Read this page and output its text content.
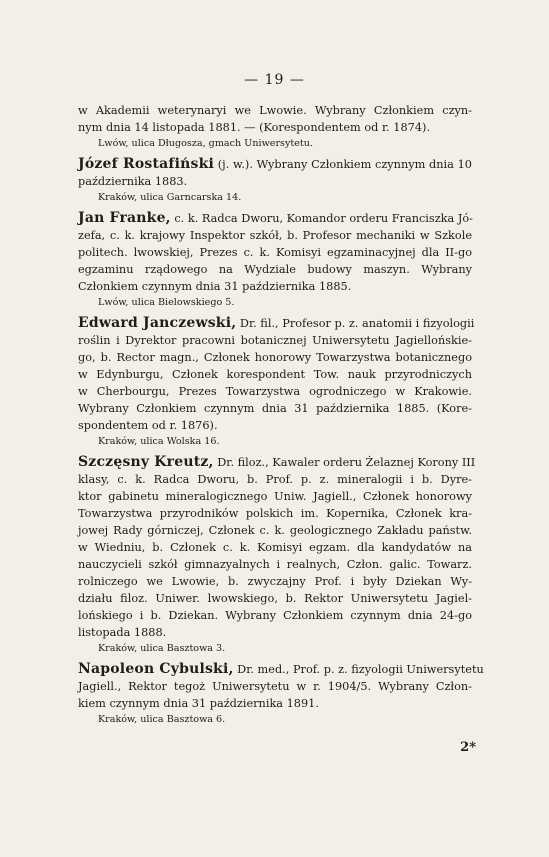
— 19 —
w Akademii weterynaryi we Lwowie. Wybrany Członkiem czyn-
nym dnia 14 listopada 1881. — (Korespondentem od r. 1874).
Lwów, ulica Długosza, gmach Uniwersytetu.
Józef Rostafiński (j. w.). Wybrany Członkiem czynnym dnia 10
października 1883.
Kraków, ulica Garncarska 14.
Jan Franke, c. k. Radca Dworu, Komandor orderu Franciszka Jó-
zefa, c. k. krajowy Inspektor szkół, b. Profesor mechaniki w Szkole
politech. lwowskiej, Prezes c. k. Komisyi egzaminacyjnej dla II-go
egzaminu rządowego na Wydziale budowy maszyn. Wybrany
Członkiem czynnym dnia 31 października 1885.
Lwów, ulica Bielowskiego 5.
Edward Janczewski, Dr. fil., Profesor p. z. anatomii i fizyologii
roślin i Dyrektor pracowni botanicznej Uniwersytetu Jagiellońskie-
go, b. Rector magn., Członek honorowy Towarzystwa botanicznego
w Edynburgu, Członek korespondent Tow. nauk przyrodniczych
w Cherbourgu, Prezes Towarzystwa ogrodniczego w Krakowie.
Wybrany Członkiem czynnym dnia 31 października 1885. (Kore-
spondentem od r. 1876).
Kraków, ulica Wolska 16.
Szczęsny Kreutz, Dr. filoz., Kawaler orderu Żelaznej Korony III
klasy, c. k. Radca Dworu, b. Prof. p. z. mineralogii i b. Dyre-
ktor gabinetu mineralogicznego Uniw. Jagiell., Członek honorowy
Towarzystwa przyrodników polskich im. Kopernika, Członek kra-
jowej Rady górniczej, Członek c. k. geologicznego Zakładu państw.
w Wiedniu, b. Członek c. k. Komisyi egzam. dla kandydatów na
nauczycieli szkół gimnazyalnych i realnych, Człon. galic. Towarz.
rolniczego we Lwowie, b. zwyczajny Prof. i były Dziekan Wy-
działu filoz. Uniwer. lwowskiego, b. Rektor Uniwersytetu Jagiel-
lońskiego i b. Dziekan. Wybrany Członkiem czynnym dnia 24-go
listopada 1888.
Kraków, ulica Basztowa 3.
Napoleon Cybulski, Dr. med., Prof. p. z. fizyologii Uniwersytetu
Jagiell., Rektor tegoż Uniwersytetu w r. 1904/5. Wybrany Człon-
kiem czynnym dnia 31 października 1891.
Kraków, ulica Basztowa 6.
2*
